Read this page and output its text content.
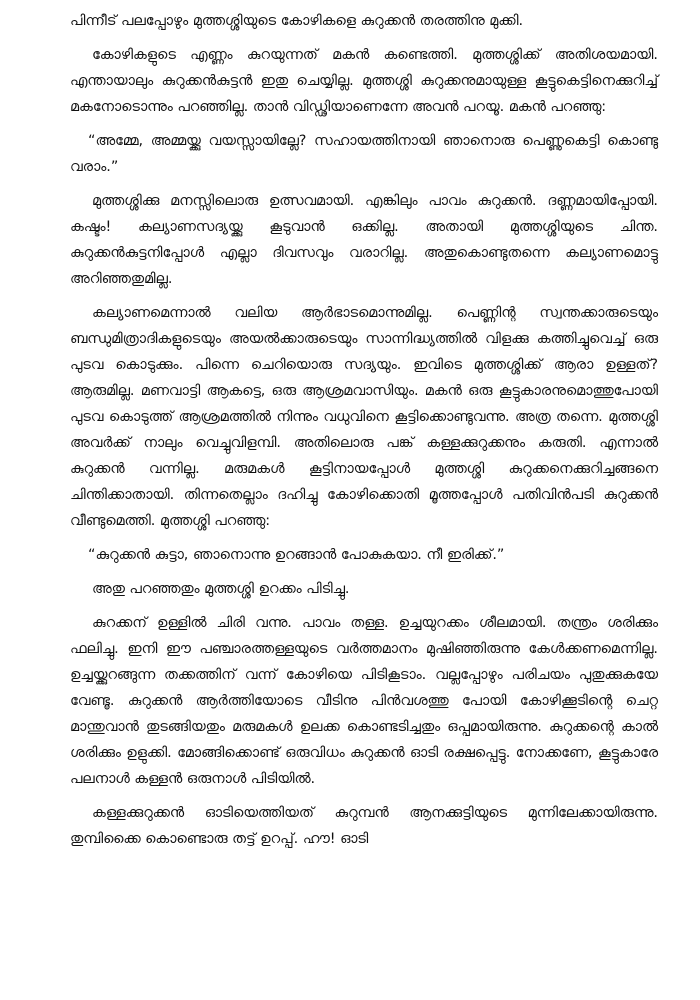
പിന്നീട് പലപ്പോഴും മുത്തശ്ശിയുടെ കോഴികളെ കുറുക്കൻ തരത്തിനു മുക്കി.

കോഴികളുടെ എണ്ണം കുറയുന്നത് മകൻ കണ്ടെത്തി. മുത്തശ്ശിക്ക് അതിശയമായി. എന്തായാലും കുറുക്കൻകുട്ടൻ ഇതു ചെയ്യില്ല. മുത്തശ്ശി കുറുക്കനുമായുള്ള കൂട്ടുകെട്ടിനെക്കുറിച്ച് മകനോടൊന്നും പറഞ്ഞില്ല. താൻ വിഡ്ഢിയാണെന്നേ അവൻ പറയൂ. മകൻ പറഞ്ഞു:

“അമ്മേ, അമ്മയ്ക്കു വയസ്സായില്ലേ? സഹായത്തിനായി ഞാനൊരു പെണ്ണുകെട്ടി കൊണ്ടു വരാം.”

മുത്തശ്ശിക്കു മനസ്സിലൊരു ഉത്സവമായി. എങ്കിലും പാവം കുറുക്കൻ. ദണ്ണമായിപ്പോയി. കഷ്ടം! കല്യാണസദ്യയ്ക്കു കൂടുവാൻ ഒക്കില്ല. അതായി മുത്തശ്ശിയുടെ ചിന്ത. കുറുക്കൻകുട്ടനിപ്പോൾ എല്ലാ ദിവസവും വരാറില്ല. അതുകൊണ്ടുതന്നെ കല്യാണമൊട്ടു അറിഞ്ഞതുമില്ല.

കല്യാണമെന്നാൽ വലിയ ആർഭാടമൊന്നുമില്ല. പെണ്ണിന്റ സ്വന്തക്കാരുടെയും ബന്ധുമിത്രാദികളുടെയും അയൽക്കാരുടെയും സാന്നിദ്ധ്യത്തിൽ വിളക്കു കത്തിച്ചുവെച്ച് ഒരു പുടവ കൊടുക്കും. പിന്നെ ചെറിയൊരു സദ്യയും. ഇവിടെ മുത്തശ്ശിക്ക് ആരാ ഉള്ളത്? ആരുമില്ല. മണവാട്ടി ആകട്ടെ, ഒരു ആശ്രമവാസിയും. മകൻ ഒരു കൂട്ടുകാരനുമൊത്തുപോയി പുടവ കൊടുത്ത് ആശ്രമത്തിൽ നിന്നും വധുവിനെ കൂട്ടിക്കൊണ്ടുവന്നു. അത്ര തന്നെ. മുത്തശ്ശി അവർക്ക് നാലും വെച്ചുവിളമ്പി. അതിലൊരു പങ്ക് കള്ളക്കുറുക്കനും കരുതി. എന്നാൽ കുറുക്കൻ വന്നില്ല. മരുമകൾ കൂട്ടിനായപ്പോൾ മുത്തശ്ശി കുറുക്കനെക്കുറിച്ചങ്ങനെ ചിന്തിക്കാതായി. തിന്നതെല്ലാം ദഹിച്ചു കോഴിക്കൊതി മൂത്തപ്പോൾ പതിവിൻപടി കുറുക്കൻ വീണ്ടുമെത്തി. മുത്തശ്ശി പറഞ്ഞു:

“കുറുക്കൻ കുട്ടാ, ഞാനൊന്നു ഉറങ്ങാൻ പോകുകയാ. നീ ഇരിക്ക്.”

അതു പറഞ്ഞതും മുത്തശ്ശി ഉറക്കം പിടിച്ചു.

കുറക്കന് ഉള്ളിൽ ചിരി വന്നു. പാവം തള്ള. ഉച്ചയുറക്കം ശീലമായി. തന്ത്രം ശരിക്കും ഫലിച്ചു. ഇനി ഈ പഞ്ചാരത്തള്ളയുടെ വർത്തമാനം മുഷിഞ്ഞിരുന്നു കേൾക്കണമെന്നില്ല. ഉച്ചയ്ക്കുറങ്ങുന്ന തക്കത്തിന് വന്ന് കോഴിയെ പിടികൂടാം. വല്ലപ്പോഴും പരിചയം പുതുക്കുകയേ വേണ്ടൂ. കുറുക്കൻ ആർത്തിയോടെ വീടിനു പിൻവശത്തു പോയി കോഴിക്കൂടിന്റെ ചെറ്റ മാന്തുവാൻ തുടങ്ങിയതും മരുമകൾ ഉലക്ക കൊണ്ടടിച്ചതും ഒപ്പമായിരുന്നു. കുറുക്കന്റെ കാൽ ശരിക്കും ഉളുക്കി. മോങ്ങിക്കൊണ്ട് ഒരുവിധം കുറുക്കൻ ഓടി രക്ഷപ്പെട്ടു. നോക്കണേ, കൂട്ടുകാരേ പലനാൾ കള്ളൻ ഒരുനാൾ പിടിയിൽ.

കള്ളക്കുറുക്കൻ ഓടിയെത്തിയത് കുറുമ്പൻ ആനക്കുട്ടിയുടെ മുന്നിലേക്കായിരുന്നു. തുമ്പിക്കൈ കൊണ്ടൊരു തട്ട് ഉറപ്പ്. ഹൗ! ഓടി
